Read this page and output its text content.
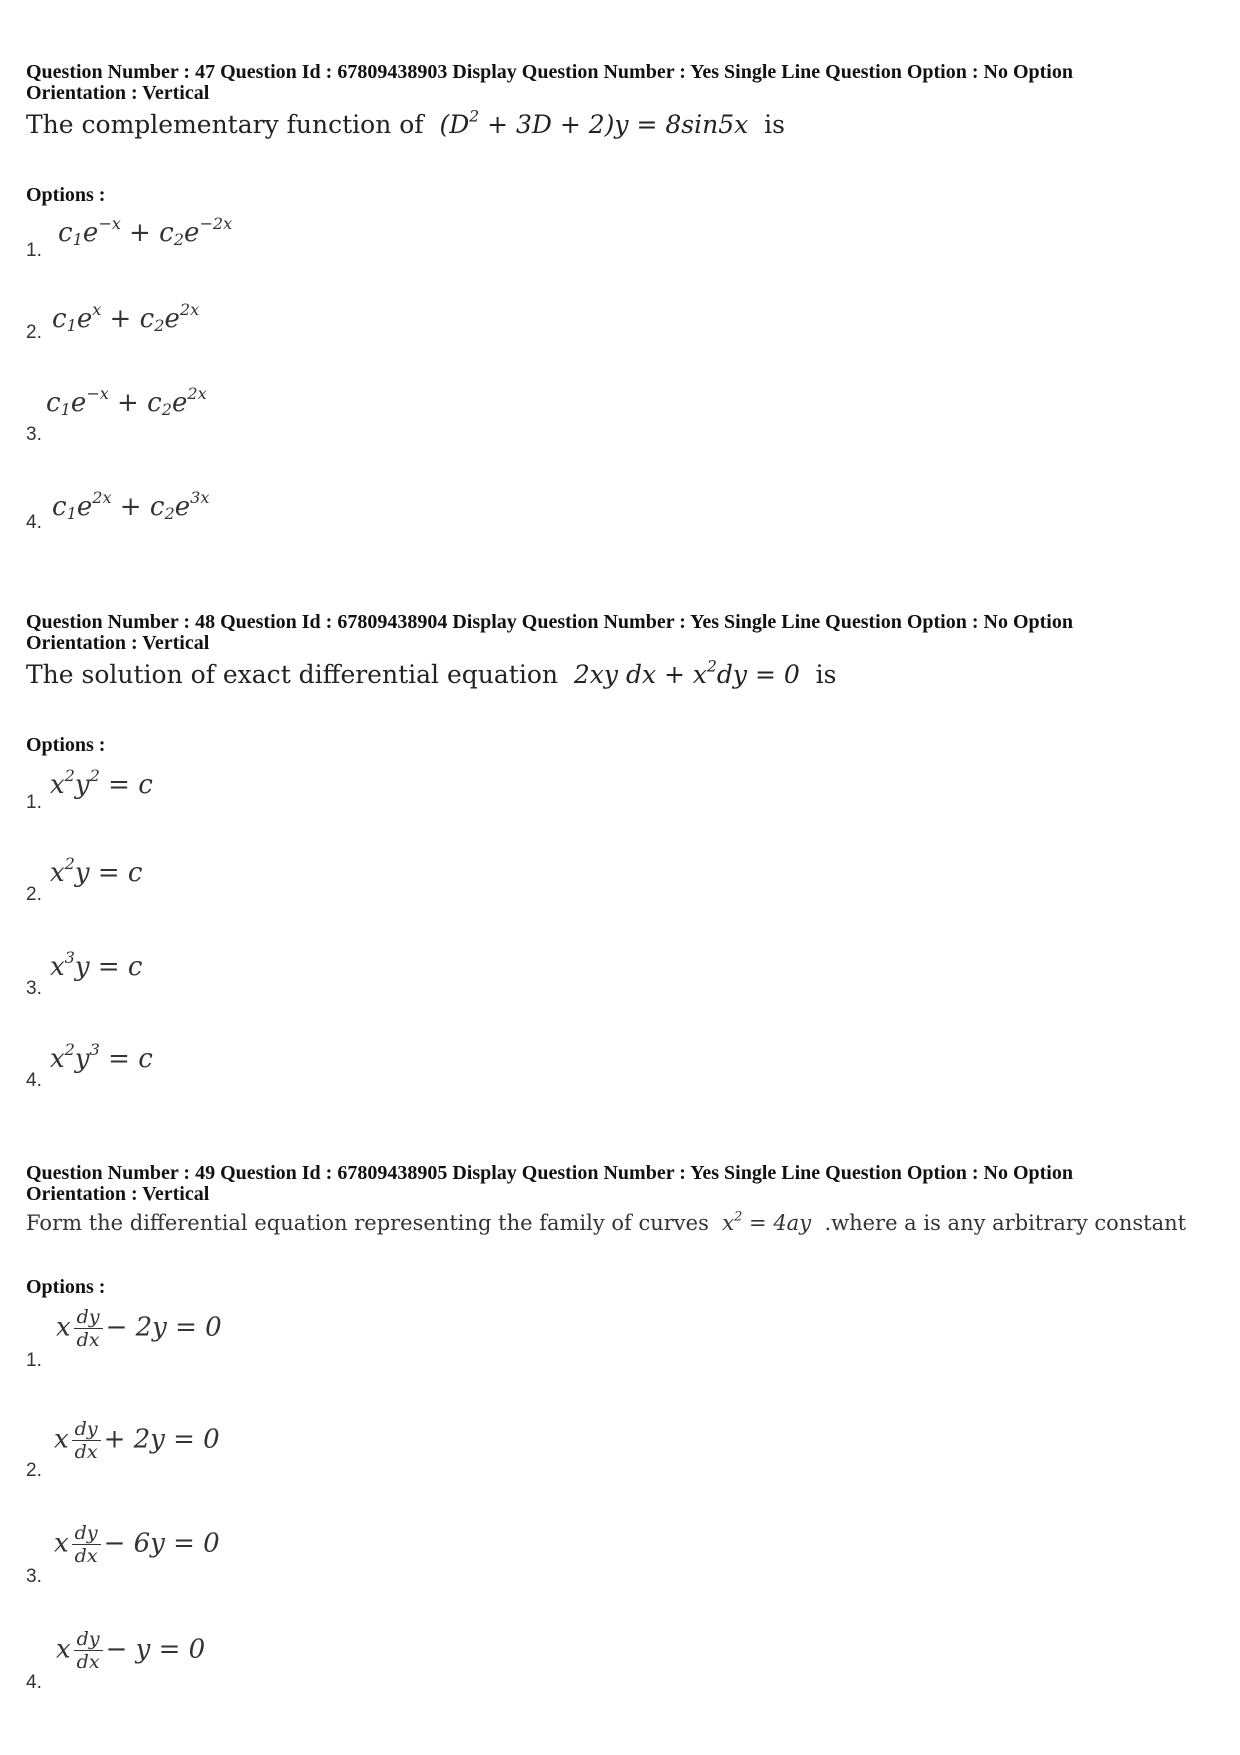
Question Number : 47 Question Id : 67809438903 Display Question Number : Yes Single Line Question Option : No Option

Orientation : Vertical

The complementary function of  $(D^2 + 3D + 2)y = 8\sin 5x$  is
Options :
1.
$c_1e^{-x} + c_2e^{-2x}$
2. $c_1e^x + c_2e^{2x}$
3.
$c_1e^{-x} + c_2e^{2x}$
4.
$c_1e^{2x} + c_2e^{3x}$

Question Number : 48 Question Id : 67809438904 Display Question Number : Yes Single Line Question Option : No Option

Orientation : Vertical

The solution of exact differential equation  2xy dx + $x^2dy = 0$  is
Options :
1.
$x^2y^2 = c$
2.
$x^2y = c$
3.
$x^3y = c$
4.
$x^2y^3 = c$

Question Number : 49 Question Id : 67809438905 Display Question Number : Yes Single Line Question Option : No Option

Orientation : Vertical

Form the differential equation representing the family of curves  $x^2 = 4ay$  .where a is any arbitrary constant
Options :
1.
x $\frac{dy}{dx} - 2y = 0$
2.
x $\frac{dy}{dx} + 2y = 0$
3.
x $\frac{dy}{dx} - 6y = 0$
4.
x $\frac{dy}{dx} - y = 0$
